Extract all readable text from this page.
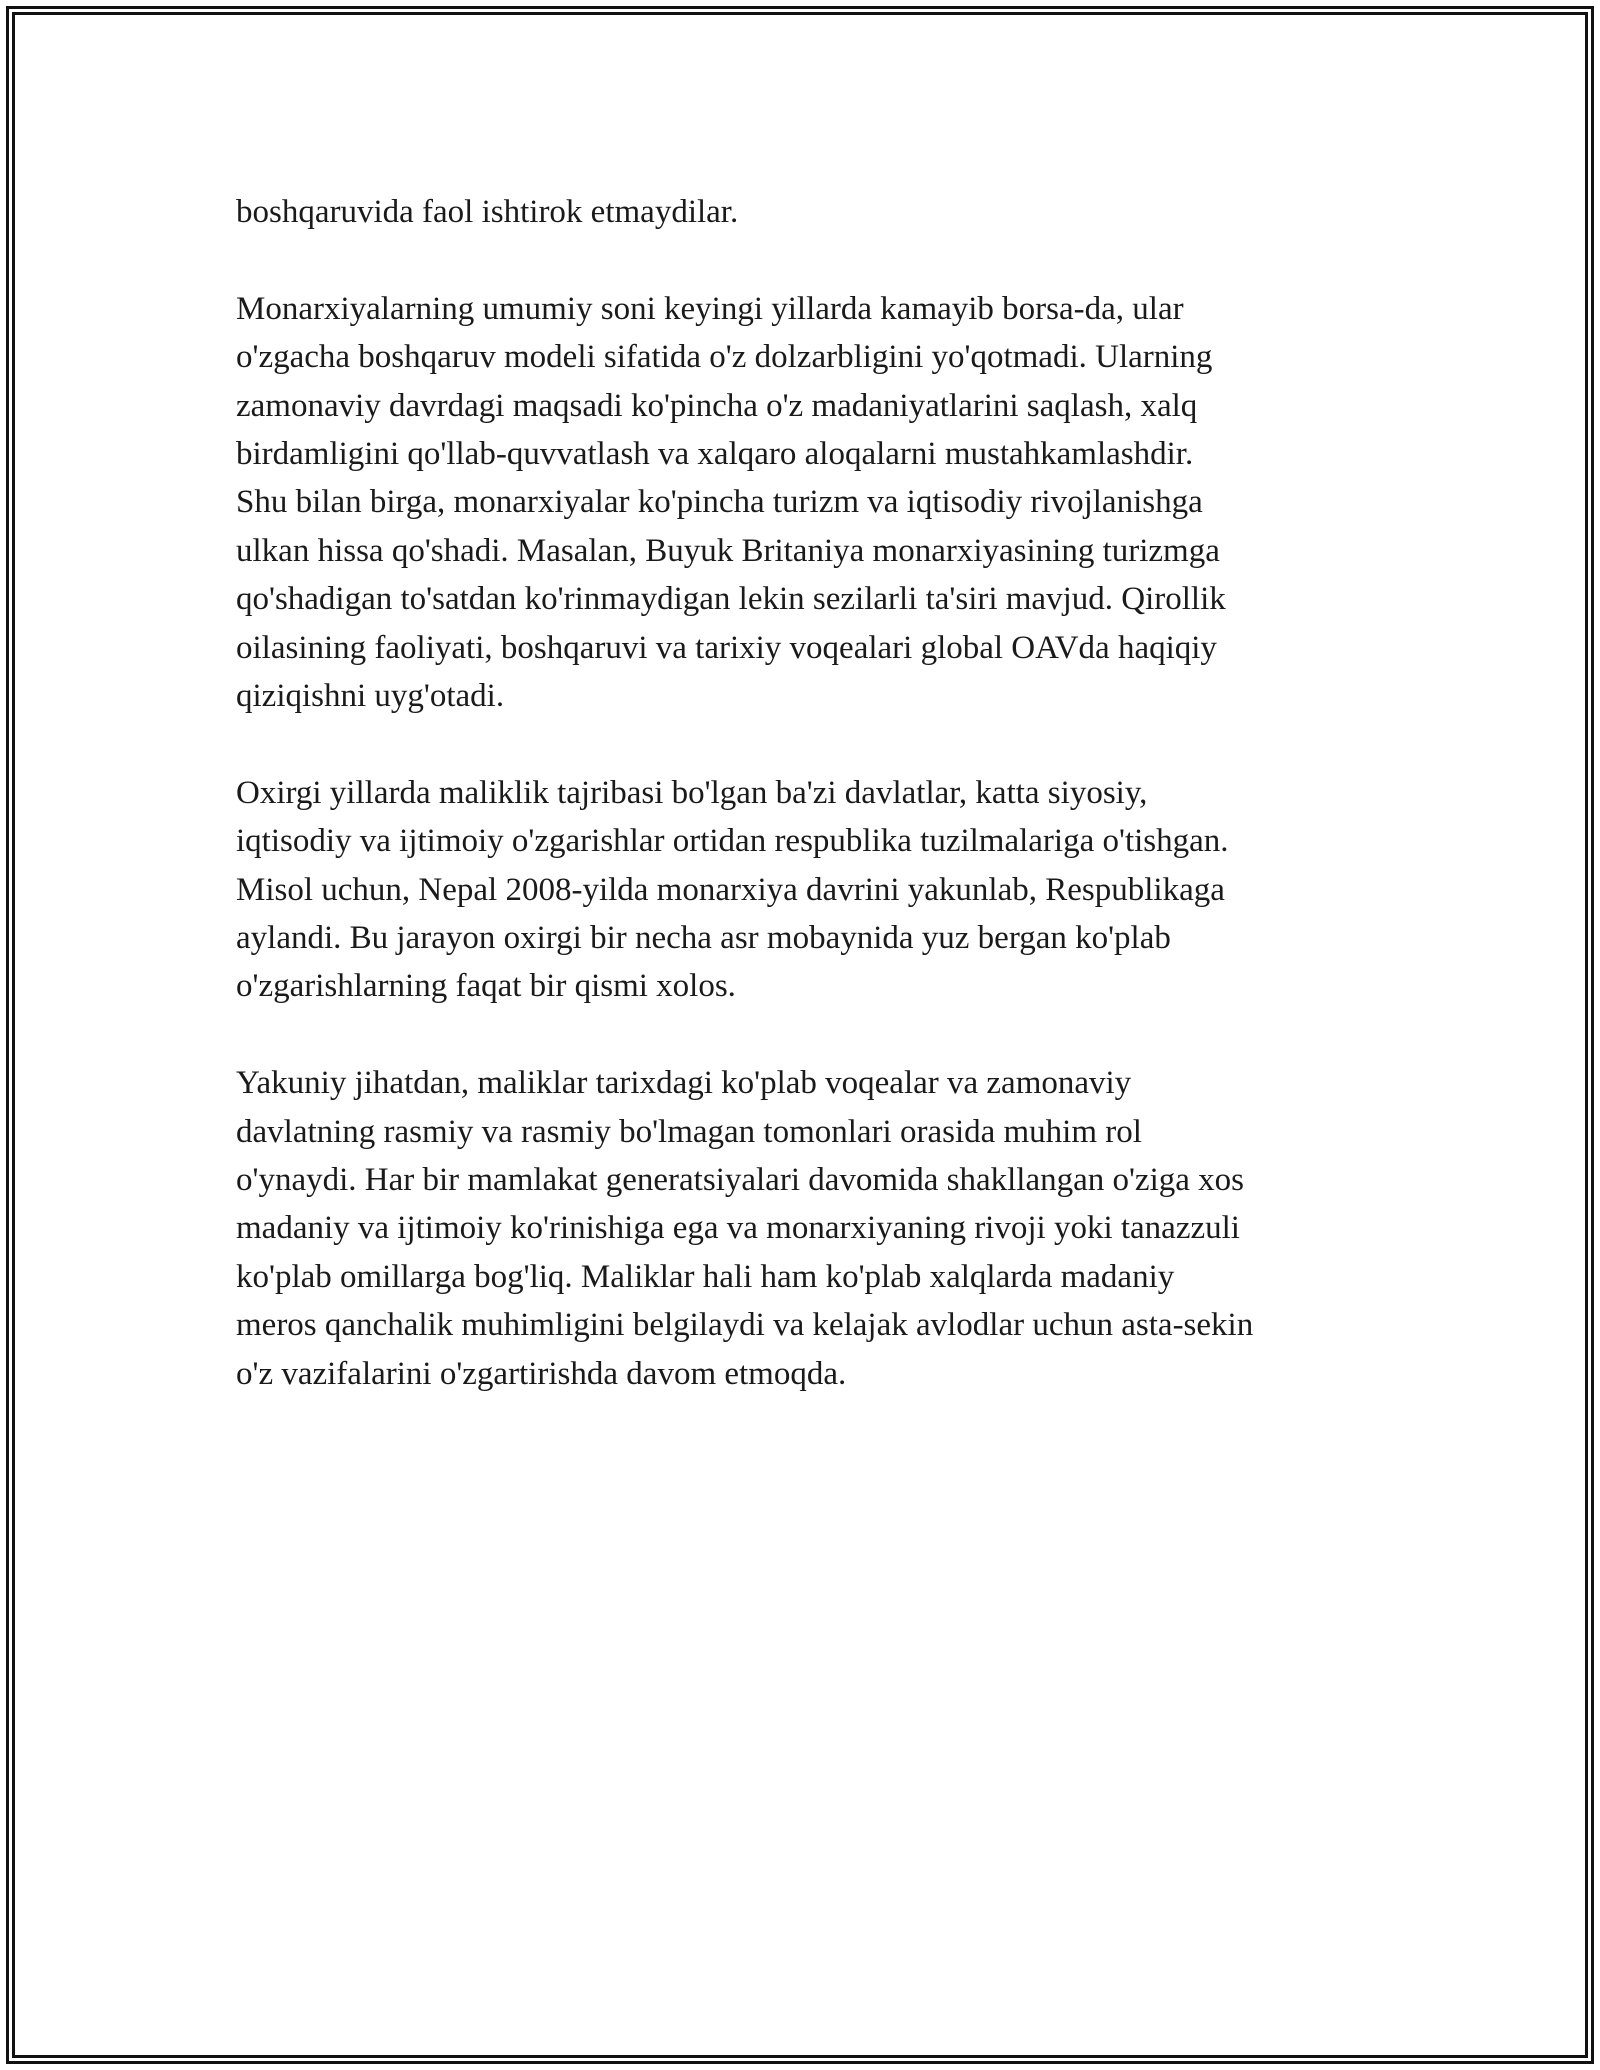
boshqaruvida faol ishtirok etmaydilar.

Monarxiyalarning umumiy soni keyingi yillarda kamayib borsa-da, ular
o'zgacha boshqaruv modeli sifatida o'z dolzarbligini yo'qotmadi. Ularning
zamonaviy davrdagi maqsadi ko'pincha o'z madaniyatlarini saqlash, xalq
birdamligini qo'llab-quvvatlash va xalqaro aloqalarni mustahkamlashdir.
Shu bilan birga, monarxiyalar ko'pincha turizm va iqtisodiy rivojlanishga
ulkan hissa qo'shadi. Masalan, Buyuk Britaniya monarxiyasining turizmga
qo'shadigan to'satdan ko'rinmaydigan lekin sezilarli ta'siri mavjud. Qirollik
oilasining faoliyati, boshqaruvi va tarixiy voqealari global OAVda haqiqiy
qiziqishni uyg'otadi.

Oxirgi yillarda maliklik tajribasi bo'lgan ba'zi davlatlar, katta siyosiy,
iqtisodiy va ijtimoiy o'zgarishlar ortidan respublika tuzilmalariga o'tishgan.
Misol uchun, Nepal 2008-yilda monarxiya davrini yakunlab, Respublikaga
aylandi. Bu jarayon oxirgi bir necha asr mobaynida yuz bergan ko'plab
o'zgarishlarning faqat bir qismi xolos.

Yakuniy jihatdan, maliklar tarixdagi ko'plab voqealar va zamonaviy
davlatning rasmiy va rasmiy bo'lmagan tomonlari orasida muhim rol
o'ynaydi. Har bir mamlakat generatsiyalari davomida shakllangan o'ziga xos
madaniy va ijtimoiy ko'rinishiga ega va monarxiyaning rivoji yoki tanazzuli
ko'plab omillarga bog'liq. Maliklar hali ham ko'plab xalqlarda madaniy
meros qanchalik muhimligini belgilaydi va kelajak avlodlar uchun asta-sekin
o'z vazifalarini o'zgartirishda davom etmoqda.
